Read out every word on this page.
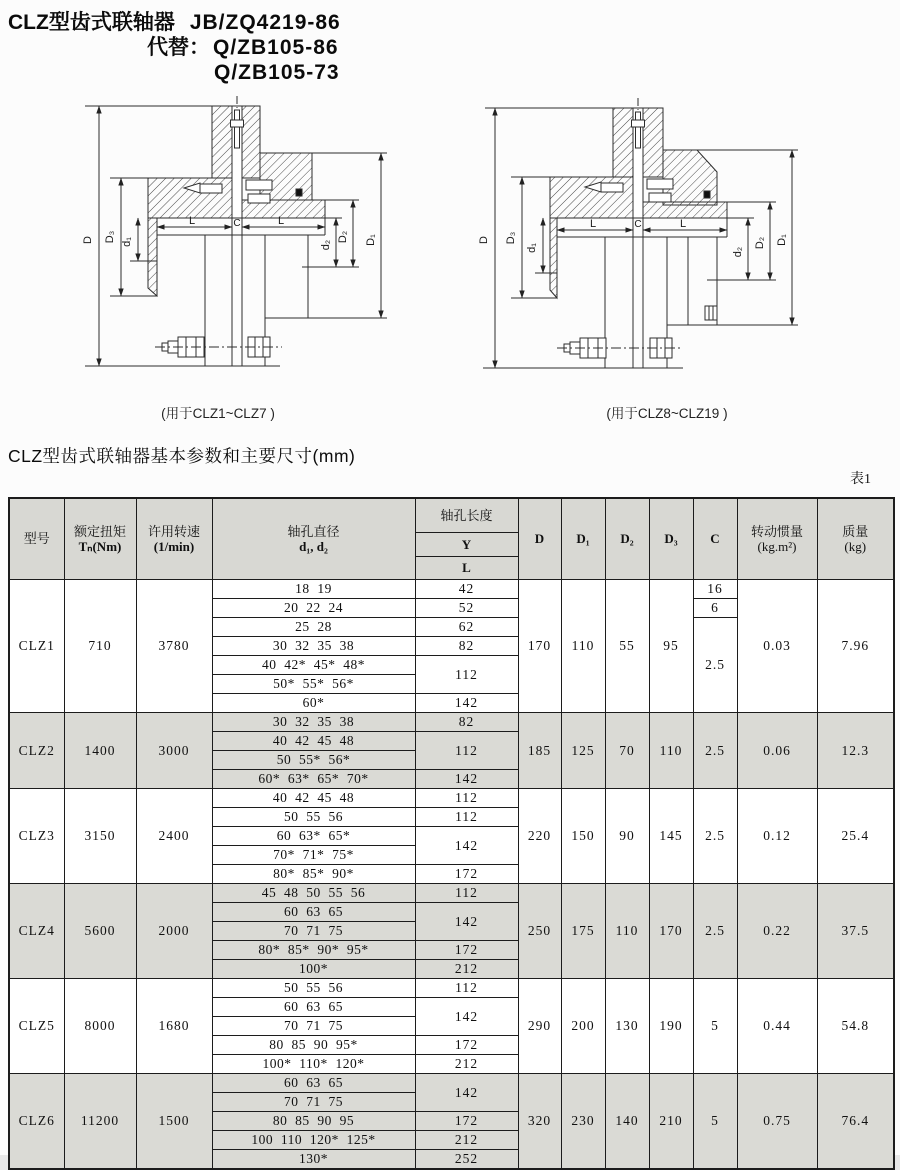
CLZ型齿式联轴器 JB/ZQ4219-86
代替： Q/ZB105-86
Q/ZB105-73
D D₃ d₁
L	C	L
d₂
D₂ D₁	D D₃
d₁
L	C	L
d₂
D₂ D₁
(用于CLZ1~CLZ7 )	(用于CLZ8~CLZ19 )
CLZ型齿式联轴器基本参数和主要尺寸(mm)
表1
型号	额定扭矩
Tₙ(Nm)

许用转速
(1/min)

轴孔直径
d₁, d₂
	轴孔长度	D	D₁	D₂	D₃	C	转动惯量
(kg.m²)

质量
(kg)

				Y							
				L							
CLZ1	710	3780	18  19	42	170	110	55	95	16	0.03	7.96
			20  22  24	52					6		
			25  28	62					2.5		
			30  32  35  38	82							
			40  42*  45*  48*	112							
			50*  55*  56*								
			60*	142							
CLZ2	1400	3000	30  32  35  38	82	185	125	70	110	2.5	0.06	12.3
			40  42  45  48	112							
			50  55*  56*								
			60*  63*  65*  70*	142							
CLZ3	3150	2400	40  42  45  48	112	220	150	90	145	2.5	0.12	25.4
			50  55  56	112							
			60  63*  65*	142							
			70*  71*  75*								
			80*  85*  90*	172							
CLZ4	5600	2000	45  48  50  55  56	112	250	175	110	170	2.5	0.22	37.5
			60  63  65	142							
			70  71  75								
			80*  85*  90*  95*	172							
			100*	212							
CLZ5	8000	1680	50  55  56	112	290	200	130	190	5	0.44	54.8
			60  63  65	142							
			70  71  75								
			80  85  90  95*	172							
			100*  110*  120*	212							
CLZ6	11200	1500	60  63  65	142	320	230	140	210	5	0.75	76.4
			70  71  75								
			80  85  90  95	172							
			100  110  120*  125*	212							
			130*	252							
